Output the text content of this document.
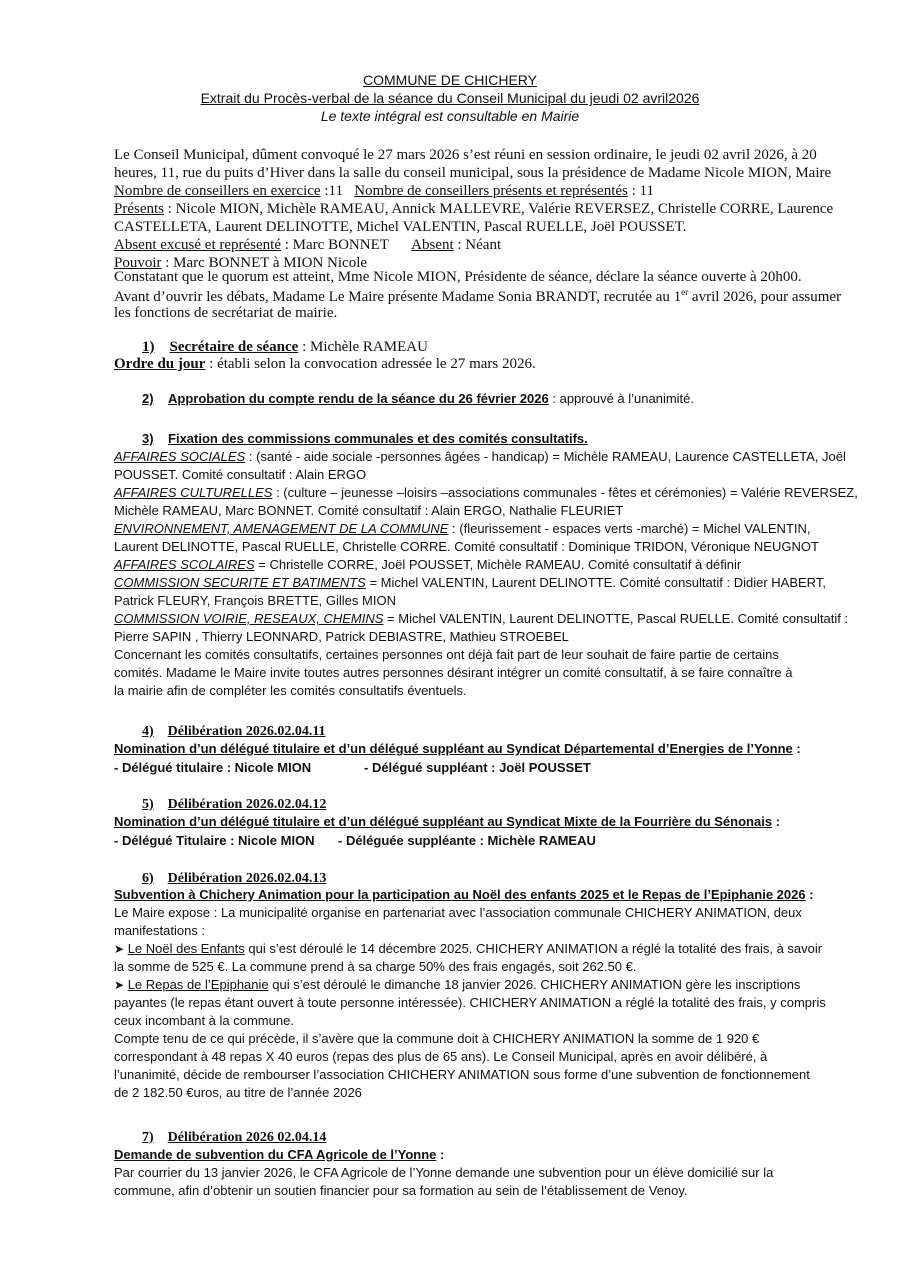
COMMUNE DE CHICHERY
Extrait du Procès-verbal de la séance du Conseil Municipal du jeudi 02 avril2026
Le texte intégral est consultable en Mairie
Le Conseil Municipal, dûment convoqué le 27 mars 2026 s’est réuni en session ordinaire, le jeudi 02 avril 2026, à 20
heures, 11, rue du puits d’Hiver dans la salle du conseil municipal, sous la présidence de Madame Nicole MION, Maire
Nombre de conseillers en exercice :11 Nombre de conseillers présents et représentés : 11
Présents : Nicole MION, Michèle RAMEAU, Annick MALLEVRE, Valérie REVERSEZ, Christelle CORRE, Laurence
CASTELLETA, Laurent DELINOTTE, Michel VALENTIN, Pascal RUELLE, Joël POUSSET.
Absent excusé et représenté : Marc BONNET Absent : Néant
Pouvoir : Marc BONNET à MION Nicole
Constatant que le quorum est atteint, Mme Nicole MION, Présidente de séance, déclare la séance ouverte à 20h00.
Avant d’ouvrir les débats, Madame Le Maire présente Madame Sonia BRANDT, recrutée au 1er avril 2026, pour assumer
les fonctions de secrétariat de mairie.
1) Secrétaire de séance : Michèle RAMEAU
Ordre du jour : établi selon la convocation adressée le 27 mars 2026.
2) Approbation du compte rendu de la séance du 26 février 2026 : approuvé à l’unanimité.
3) Fixation des commissions communales et des comités consultatifs.
AFFAIRES SOCIALES : (santé - aide sociale -personnes âgées - handicap) = Michèle RAMEAU, Laurence CASTELLETA, Joël
POUSSET. Comité consultatif : Alain ERGO
AFFAIRES CULTURELLES : (culture – jeunesse –loisirs –associations communales - fêtes et cérémonies) = Valérie REVERSEZ,
Michèle RAMEAU, Marc BONNET. Comité consultatif : Alain ERGO, Nathalie FLEURIET
ENVIRONNEMENT, AMENAGEMENT DE LA COMMUNE : (fleurissement - espaces verts -marché) = Michel VALENTIN,
Laurent DELINOTTE, Pascal RUELLE, Christelle CORRE. Comité consultatif : Dominique TRIDON, Véronique NEUGNOT
AFFAIRES SCOLAIRES = Christelle CORRE, Joël POUSSET, Michèle RAMEAU. Comité consultatif à définir
COMMISSION SECURITE ET BATIMENTS = Michel VALENTIN, Laurent DELINOTTE. Comité consultatif : Didier HABERT,
Patrick FLEURY, François BRETTE, Gilles MION
COMMISSION VOIRIE, RESEAUX, CHEMINS = Michel VALENTIN, Laurent DELINOTTE, Pascal RUELLE. Comité consultatif :
Pierre SAPIN , Thierry LEONNARD, Patrick DEBIASTRE, Mathieu STROEBEL
Concernant les comités consultatifs, certaines personnes ont déjà fait part de leur souhait de faire partie de certains
comités. Madame le Maire invite toutes autres personnes désirant intégrer un comité consultatif, à se faire connaître à
la mairie afin de compléter les comités consultatifs éventuels.
4) Délibération 2026.02.04.11
Nomination d’un délégué titulaire et d’un délégué suppléant au Syndicat Départemental d’Energies de l’Yonne :
- Délégué titulaire : Nicole MION	- Délégué suppléant : Joël POUSSET
5) Délibération 2026.02.04.12
Nomination d’un délégué titulaire et d’un délégué suppléant au Syndicat Mixte de la Fourrière du Sénonais :
- Délégué Titulaire : Nicole MION - Déléguée suppléante : Michèle RAMEAU
6) Délibération 2026.02.04.13
Subvention à Chichery Animation pour la participation au Noël des enfants 2025 et le Repas de l’Epiphanie 2026 :
Le Maire expose : La municipalité organise en partenariat avec l’association communale CHICHERY ANIMATION, deux
manifestations :
➤ Le Noël des Enfants qui s’est déroulé le 14 décembre 2025. CHICHERY ANIMATION a réglé la totalité des frais, à savoir
la somme de 525 €. La commune prend à sa charge 50% des frais engagés, soit 262.50 €.
➤ Le Repas de l’Epiphanie qui s’est déroulé le dimanche 18 janvier 2026. CHICHERY ANIMATION gère les inscriptions
payantes (le repas étant ouvert à toute personne intéressée). CHICHERY ANIMATION a réglé la totalité des frais, y compris
ceux incombant à la commune.
Compte tenu de ce qui précède, il s’avère que la commune doit à CHICHERY ANIMATION la somme de 1 920 €
correspondant à 48 repas X 40 euros (repas des plus de 65 ans). Le Conseil Municipal, après en avoir délibéré, à
l’unanimité, décide de rembourser l’association CHICHERY ANIMATION sous forme d’une subvention de fonctionnement
de 2 182.50 €uros, au titre de l’année 2026
7) Délibération 2026 02.04.14
Demande de subvention du CFA Agricole de l’Yonne :
Par courrier du 13 janvier 2026, le CFA Agricole de l’Yonne demande une subvention pour un élève domicilié sur la
commune, afin d’obtenir un soutien financier pour sa formation au sein de l’établissement de Venoy.
